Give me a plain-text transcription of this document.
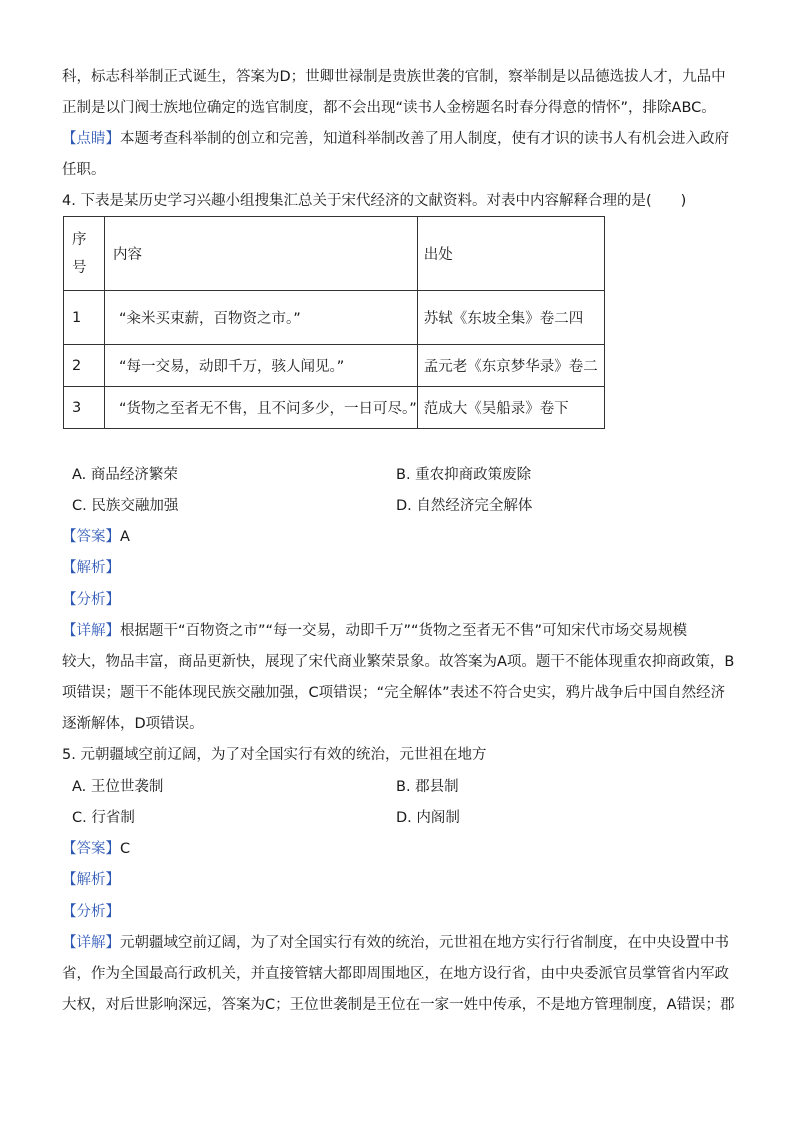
科，标志科举制正式诞生，答案为D；世卿世禄制是贵族世袭的官制，察举制是以品德选拔人才，九品中
正制是以门阀士族地位确定的选官制度，都不会出现“读书人金榜题名时春分得意的情怀”，排除ABC。
【点睛】本题考查科举制的创立和完善，知道科举制改善了用人制度，使有才识的读书人有机会进入政府
任职。
4. 下表是某历史学习兴趣小组搜集汇总关于宋代经济的文献资料。对表中内容解释合理的是(　　)
序
号	内容	出处
1	“籴米买束薪，百物资之市。”	苏轼《东坡全集》卷二四
2	“每一交易，动即千万，骇人闻见。”	孟元老《东京梦华录》卷二
3	“货物之至者无不售，且不问多少，一日可尽。”	范成大《吴船录》卷下
A. 商品经济繁荣	B. 重农抑商政策废除
C. 民族交融加强	D. 自然经济完全解体
【答案】A
【解析】
【分析】
【详解】根据题干“百物资之市”“每一交易，动即千万”“货物之至者无不售”可知宋代市场交易规模
较大，物品丰富，商品更新快，展现了宋代商业繁荣景象。故答案为A项。题干不能体现重农抑商政策，B
项错误；题干不能体现民族交融加强，C项错误；“完全解体”表述不符合史实，鸦片战争后中国自然经济
逐渐解体，D项错误。
5. 元朝疆域空前辽阔，为了对全国实行有效的统治，元世祖在地方
A. 王位世袭制	B. 郡县制
C. 行省制	D. 内阁制
【答案】C
【解析】
【分析】
【详解】元朝疆域空前辽阔，为了对全国实行有效的统治，元世祖在地方实行行省制度，在中央设置中书
省，作为全国最高行政机关，并直接管辖大都即周围地区，在地方设行省，由中央委派官员掌管省内军政
大权，对后世影响深远，答案为C；王位世袭制是王位在一家一姓中传承，不是地方管理制度，A错误；郡
